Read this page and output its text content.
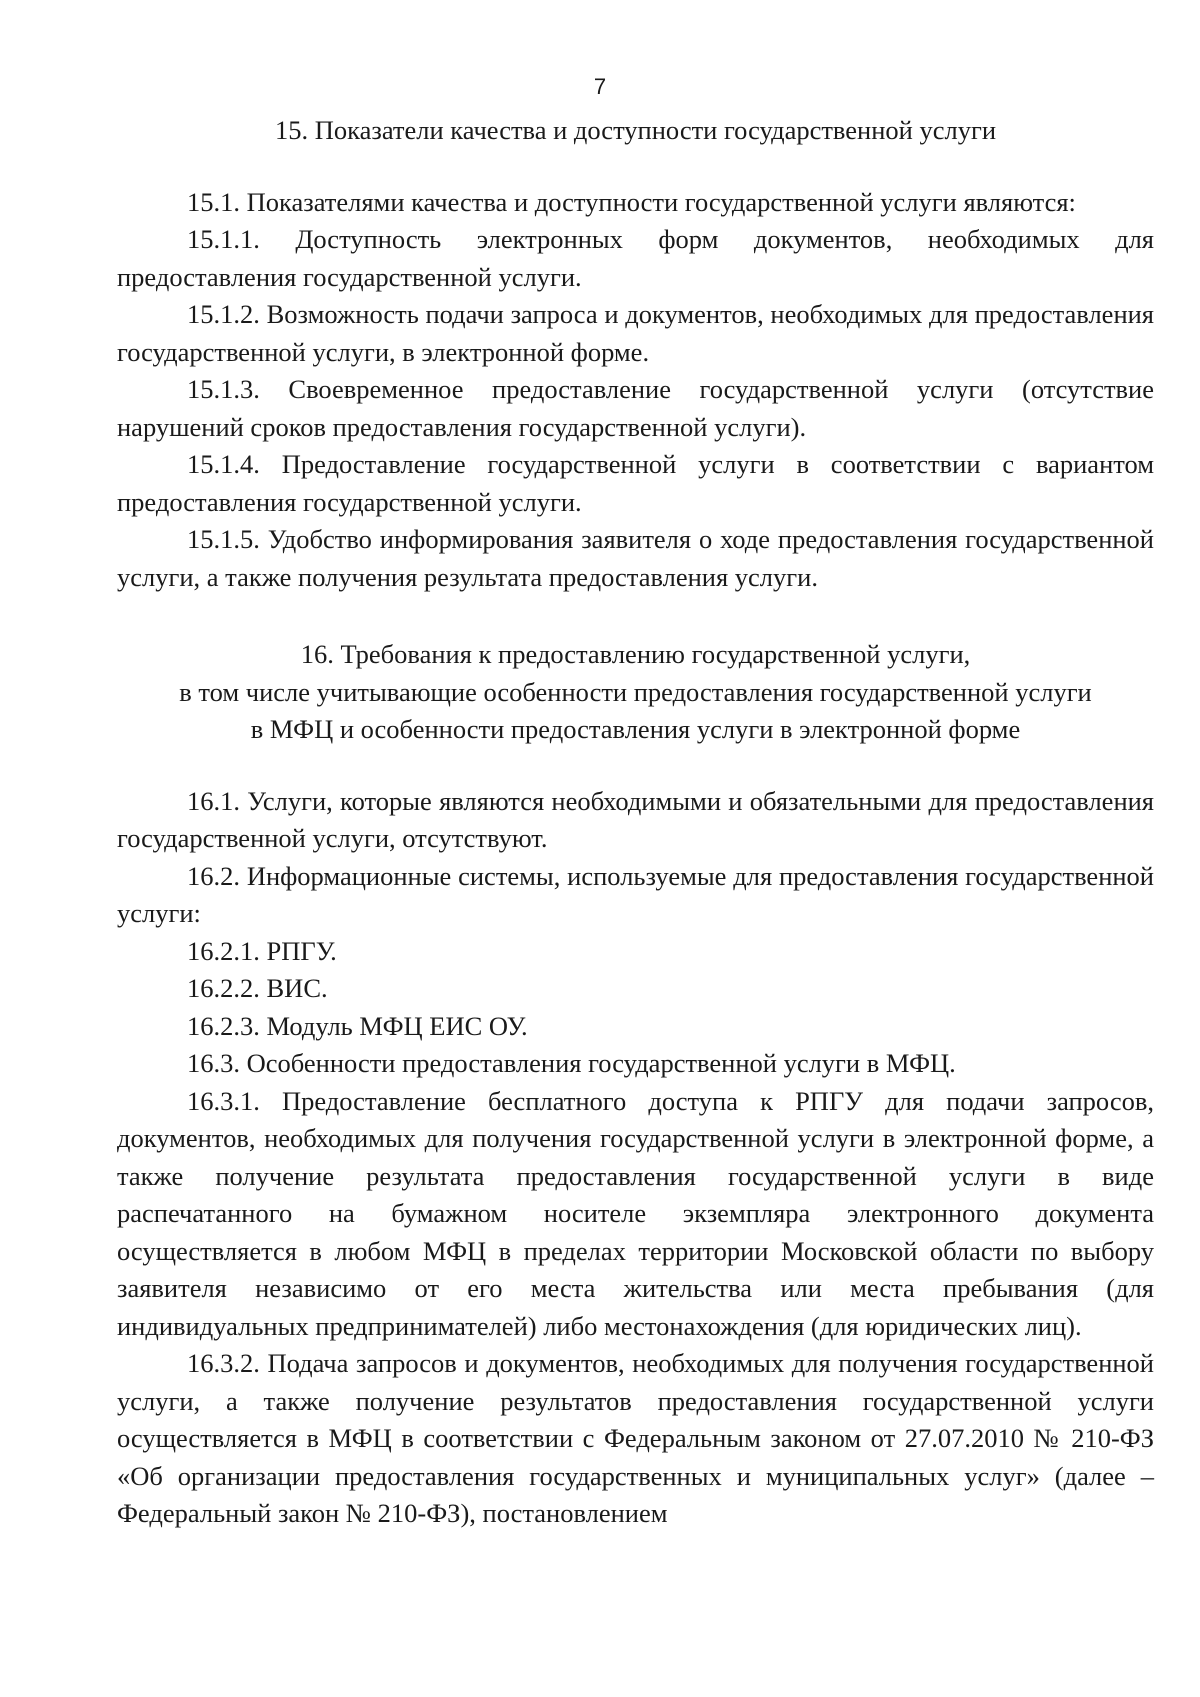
7

15. Показатели качества и доступности государственной услуги

15.1. Показателями качества и доступности государственной услуги являются:

15.1.1. Доступность электронных форм документов, необходимых для предоставления государственной услуги.

15.1.2. Возможность подачи запроса и документов, необходимых для предоставления государственной услуги, в электронной форме.

15.1.3. Своевременное предоставление государственной услуги (отсутствие нарушений сроков предоставления государственной услуги).

15.1.4. Предоставление государственной услуги в соответствии с вариантом предоставления государственной услуги.

15.1.5. Удобство информирования заявителя о ходе предоставления государственной услуги, а также получения результата предоставления услуги.

16. Требования к предоставлению государственной услуги,
в том числе учитывающие особенности предоставления государственной услуги
в МФЦ и особенности предоставления услуги в электронной форме

16.1. Услуги, которые являются необходимыми и обязательными для предоставления государственной услуги, отсутствуют.

16.2. Информационные системы, используемые для предоставления государственной услуги:

16.2.1. РПГУ.

16.2.2. ВИС.

16.2.3. Модуль МФЦ ЕИС ОУ.

16.3. Особенности предоставления государственной услуги в МФЦ.

16.3.1. Предоставление бесплатного доступа к РПГУ для подачи запросов, документов, необходимых для получения государственной услуги в электронной форме, а также получение результата предоставления государственной услуги в виде распечатанного на бумажном носителе экземпляра электронного документа осуществляется в любом МФЦ в пределах территории Московской области по выбору заявителя независимо от его места жительства или места пребывания (для индивидуальных предпринимателей) либо местонахождения (для юридических лиц).

16.3.2. Подача запросов и документов, необходимых для получения государственной услуги, а также получение результатов предоставления государственной услуги осуществляется в МФЦ в соответствии с Федеральным законом от 27.07.2010 № 210-ФЗ «Об организации предоставления государственных и муниципальных услуг» (далее – Федеральный закон № 210-ФЗ), постановлением
